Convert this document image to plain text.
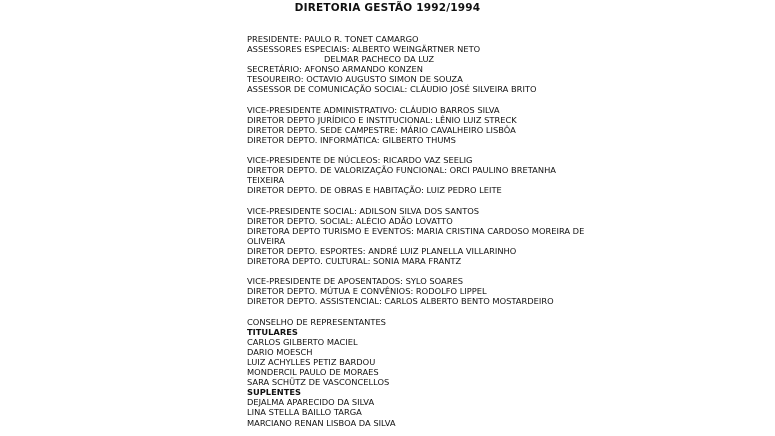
DIRETORIA GESTÃO 1992/1994
PRESIDENTE: PAULO R. TONET CAMARGO
ASSESSORES ESPECIAIS: ALBERTO WEINGÄRTNER NETO
DELMAR PACHECO DA LUZ
SECRETÁRIO: AFONSO ARMANDO KONZEN
TESOUREIRO: OCTAVIO AUGUSTO SIMON DE SOUZA
ASSESSOR DE COMUNICAÇÃO SOCIAL: CLÁUDIO JOSÉ SILVEIRA BRITO
VICE-PRESIDENTE ADMINISTRATIVO: CLÁUDIO BARROS SILVA
DIRETOR DEPTO JURÍDICO E INSTITUCIONAL: LÊNIO LUIZ STRECK
DIRETOR DEPTO. SEDE CAMPESTRE: MÁRIO CAVALHEIRO LISBÔA
DIRETOR DEPTO. INFORMÁTICA: GILBERTO THUMS
VICE-PRESIDENTE DE NÚCLEOS: RICARDO VAZ SEELIG
DIRETOR DEPTO. DE VALORIZAÇÃO FUNCIONAL: ORCI PAULINO BRETANHA
TEIXEIRA
DIRETOR DEPTO. DE OBRAS E HABITAÇÃO: LUIZ PEDRO LEITE
VICE-PRESIDENTE SOCIAL: ADILSON SILVA DOS SANTOS
DIRETOR DEPTO. SOCIAL: ALÉCIO ADÃO LOVATTO
DIRETORA DEPTO TURISMO E EVENTOS: MARIA CRISTINA CARDOSO MOREIRA DE
OLIVEIRA
DIRETOR DEPTO. ESPORTES: ANDRÉ LUIZ PLANELLA VILLARINHO
DIRETORA DEPTO. CULTURAL: SONIA MARA FRANTZ
VICE-PRESIDENTE DE APOSENTADOS: SYLO SOARES
DIRETOR DEPTO. MÚTUA E CONVÊNIOS: RODOLFO LIPPEL
DIRETOR DEPTO. ASSISTENCIAL: CARLOS ALBERTO BENTO MOSTARDEIRO
CONSELHO DE REPRESENTANTES
TITULARES
CARLOS GILBERTO MACIEL
DARIO MOESCH
LUIZ ACHYLLES PETIZ BARDOU
MONDERCIL PAULO DE MORAES
SARA SCHÜTZ DE VASCONCELLOS
SUPLENTES
DEJALMA APARECIDO DA SILVA
LINA STELLA BAILLO TARGA
MARCIANO RENAN LISBOA DA SILVA
